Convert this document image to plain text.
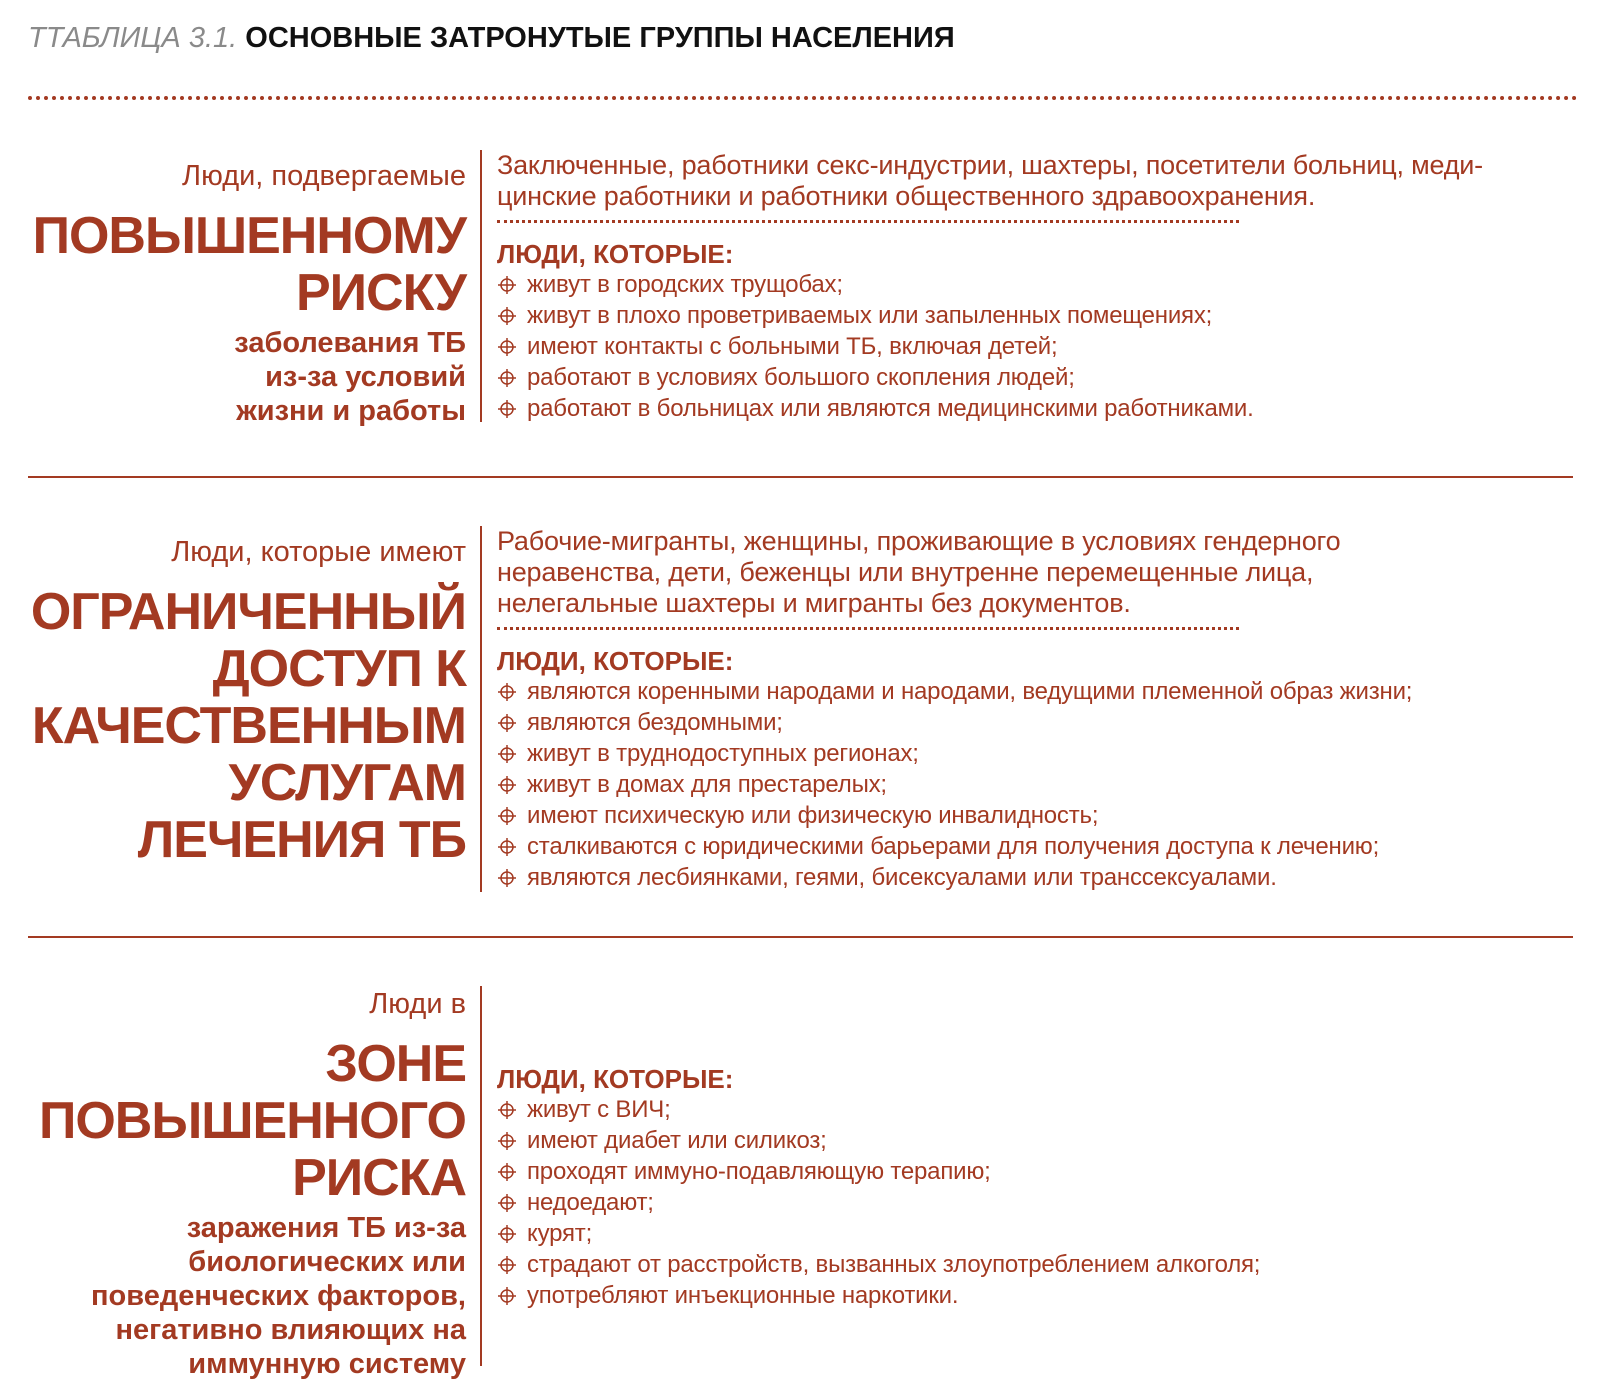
ТТАБЛИЦА 3.1. ОСНОВНЫЕ ЗАТРОНУТЫЕ ГРУППЫ НАСЕЛЕНИЯ
Люди, подвергаемые
ПОВЫШЕННОМУ
РИСКУ
заболевания ТБ
из-за условий
жизни и работы
Заключенные, работники секс-индустрии, шахтеры, посетители больниц, меди-
цинские работники и работники общественного здравоохранения.
ЛЮДИ, КОТОРЫЕ:
живут в городских трущобах;
живут в плохо проветриваемых или запыленных помещениях;
имеют контакты с больными ТБ, включая детей;
работают в условиях большого скопления людей;
работают в больницах или являются медицинскими работниками.
Люди, которые имеют
ОГРАНИЧЕННЫЙ
ДОСТУП К
КАЧЕСТВЕННЫМ
УСЛУГАМ
ЛЕЧЕНИЯ ТБ
Рабочие-мигранты, женщины, проживающие в условиях гендерного
неравенства, дети, беженцы или внутренне перемещенные лица,
нелегальные шахтеры и мигранты без документов.
ЛЮДИ, КОТОРЫЕ:
являются коренными народами и народами, ведущими племенной образ жизни;
являются бездомными;
живут в труднодоступных регионах;
живут в домах для престарелых;
имеют психическую или физическую инвалидность;
сталкиваются с юридическими барьерами для получения доступа к лечению;
являются лесбиянками, геями, бисексуалами или транссексуалами.
Люди в
ЗОНЕ
ПОВЫШЕННОГО
РИСКА
заражения ТБ из-за
биологических или
поведенческих факторов,
негативно влияющих на
иммунную систему
ЛЮДИ, КОТОРЫЕ:
живут с ВИЧ;
имеют диабет или силикоз;
проходят иммуно-подавляющую терапию;
недоедают;
курят;
страдают от расстройств, вызванных злоупотреблением алкоголя;
употребляют инъекционные наркотики.
